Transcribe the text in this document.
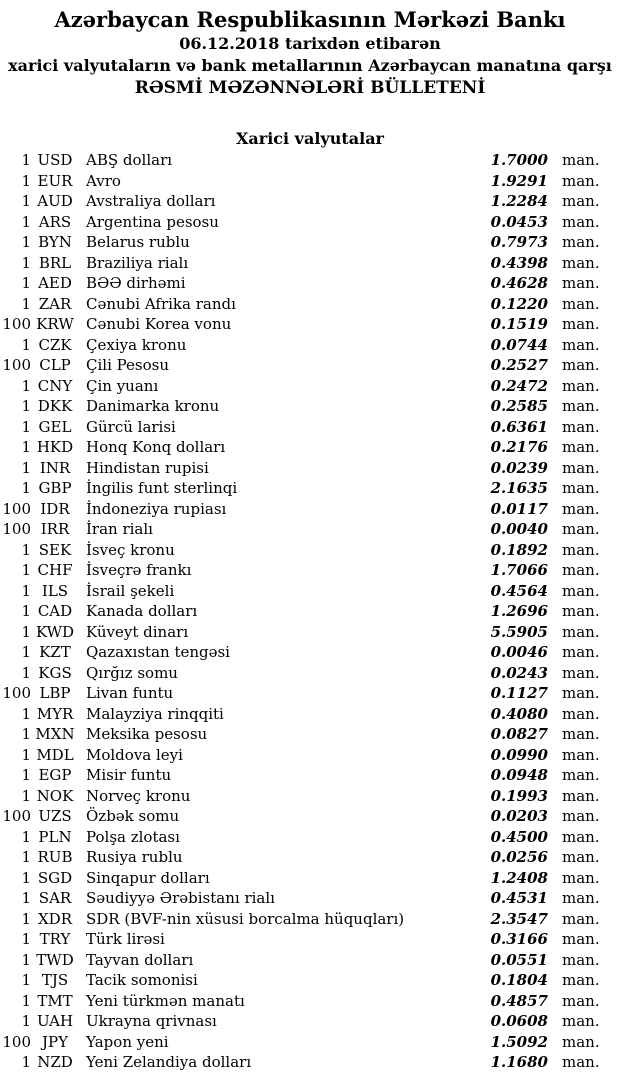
Azərbaycan Respublikasının Mərkəzi Bankı
06.12.2018 tarixdən etibarən
xarici valyutaların və bank metallarının Azərbaycan manatına qarşı
RƏSMİ MƏZƏNNƏLƏRİ BÜLLETENİ
Xarici valyutalar
1 USD ABŞ dolları	1.7000 man.
1 EUR Avro	1.9291 man.
1 AUD Avstraliya dolları	1.2284 man.
1 ARS Argentina pesosu	0.0453 man.
1 BYN Belarus rublu	0.7973 man.
1 BRL Braziliya rialı	0.4398 man.
1 AED BƏƏ dirhəmi	0.4628 man.
1 ZAR Cənubi Afrika randı	0.1220 man.
100 KRW Cənubi Korea vonu	0.1519 man.
1 CZK Çexiya kronu	0.0744 man.
100 CLP	Çili Pesosu	0.2527 man.
1 CNY Çin yuanı	0.2472 man.
1 DKK Danimarka kronu	0.2585 man.
1 GEL Gürcü larisi	0.6361 man.
1 HKD Honq Konq dolları	0.2176 man.
1 INR	Hindistan rupisi	0.0239 man.
1 GBP İngilis funt sterlinqi	2.1635 man.
100 IDR	İndoneziya rupiası	0.0117 man.
100 IRR	İran rialı	0.0040 man.
1 SEK İsveç kronu	0.1892 man.
1 CHF İsveçrə frankı	1.7066 man.
1 ILS	İsrail şekeli	0.4564 man.
1 CAD Kanada dolları	1.2696 man.
1 KWD Küveyt dinarı	5.5905 man.
1 KZT	Qazaxıstan tengəsi	0.0046 man.
1 KGS Qırğız somu	0.0243 man.
100 LBP	Livan funtu	0.1127 man.
1 MYR Malayziya rinqqiti	0.4080 man.
1 MXN Meksika pesosu	0.0827 man.
1 MDL Moldova leyi	0.0990 man.
1 EGP Misir funtu	0.0948 man.
1 NOK Norveç kronu	0.1993 man.
100 UZS Özbək somu	0.0203 man.
1 PLN Polşa zlotası	0.4500 man.
1 RUB Rusiya rublu	0.0256 man.
1 SGD Sinqapur dolları	1.2408 man.
1 SAR Səudiyyə Ərəbistanı rialı	0.4531 man.
1 XDR SDR (BVF-nin xüsusi borcalma hüquqları)	2.3547 man.
1 TRY	Türk lirəsi	0.3166 man.
1 TWD Tayvan dolları	0.0551 man.
1 TJS	Tacik somonisi	0.1804 man.
1 TMT Yeni türkmən manatı	0.4857 man.
1 UAH Ukrayna qrivnası	0.0608 man.
100 JPY	Yapon yeni	1.5092 man.
1 NZD Yeni Zelandiya dolları	1.1680 man.
